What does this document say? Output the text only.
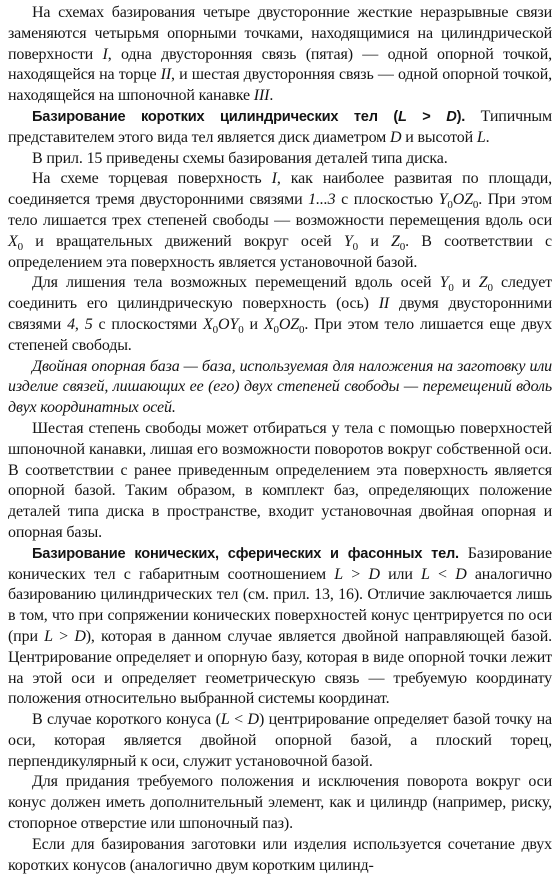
На схемах базирования четыре двусторонние жесткие неразрывные связи заменяются четырьмя опорными точками, находящимися на цилиндрической поверхности I, одна двусторонняя связь (пятая) — одной опорной точкой, находящейся на торце II, и шестая двусторонняя связь — одной опорной точкой, находящейся на шпоночной канавке III.

Базирование коротких цилиндрических тел (L > D). Типичным представителем этого вида тел является диск диаметром D и высотой L.

В прил. 15 приведены схемы базирования деталей типа диска.

На схеме торцевая поверхность I, как наиболее развитая по площади, соединяется тремя двусторонними связями 1...3 с плоскостью $Y_0OZ_0$. При этом тело лишается трех степеней свободы — возможности перемещения вдоль оси $X_0$ и вращательных движений вокруг осей $Y_0$ и $Z_0$. В соответствии с определением эта поверхность является установочной базой.

Для лишения тела возможных перемещений вдоль осей $Y_0$ и $Z_0$ следует соединить его цилиндрическую поверхность (ось) II двумя двусторонними связями 4, 5 с плоскостями $X_0OY_0$ и $X_0OZ_0$. При этом тело лишается еще двух степеней свободы.

Двойная опорная база — база, используемая для наложения на заготовку или изделие связей, лишающих ее (его) двух степеней свободы — перемещений вдоль двух координатных осей.

Шестая степень свободы может отбираться у тела с помощью поверхностей шпоночной канавки, лишая его возможности поворотов вокруг собственной оси. В соответствии с ранее приведенным определением эта поверхность является опорной базой. Таким образом, в комплект баз, определяющих положение деталей типа диска в пространстве, входит установочная двойная опорная и опорная базы.

Базирование конических, сферических и фасонных тел. Базирование конических тел с габаритным соотношением L > D или L < D аналогично базированию цилиндрических тел (см. прил. 13, 16). Отличие заключается лишь в том, что при сопряжении конических поверхностей конус центрируется по оси (при L > D), которая в данном случае является двойной направляющей базой. Центрирование определяет и опорную базу, которая в виде опорной точки лежит на этой оси и определяет геометрическую связь — требуемую координату положения относительно выбранной системы координат.

В случае короткого конуса (L < D) центрирование определяет базой точку на оси, которая является двойной опорной базой, а плоский торец, перпендикулярный к оси, служит установочной базой.

Для придания требуемого положения и исключения поворота вокруг оси конус должен иметь дополнительный элемент, как и цилиндр (например, риску, стопорное отверстие или шпоночный паз).

Если для базирования заготовки или изделия используется сочетание двух коротких конусов (аналогично двум коротким цилинд-
